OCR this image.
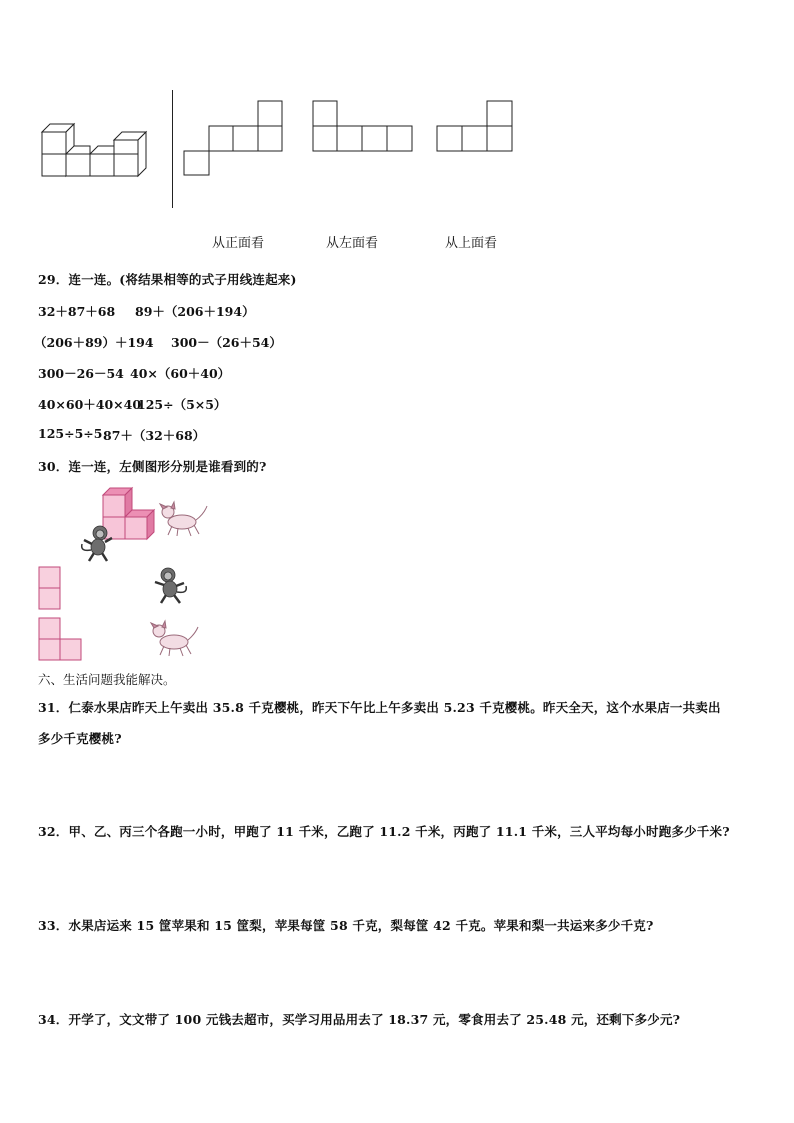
从正面看	从左面看	从上面看
29．连一连。(将结果相等的式子用线连起来)
32＋87＋68 89＋（206＋194）
（206＋89）＋194 300－（26＋54）
300－26－54 40×（60＋40）
40×60＋40×40
125÷（5×5）
125÷5÷5 87＋（32＋68）
30．连一连，左侧图形分别是谁看到的?
六、生活问题我能解决。
31．仁泰水果店昨天上午卖出 35.8 千克樱桃，昨天下午比上午多卖出 5.23 千克樱桃。昨天全天，这个水果店一共卖出
多少千克樱桃?
32．甲、乙、丙三个各跑一小时，甲跑了 11 千米，乙跑了 11.2 千米，丙跑了 11.1 千米，三人平均每小时跑多少千米?
33．水果店运来 15 筐苹果和 15 筐梨，苹果每筐 58 千克，梨每筐 42 千克。苹果和梨一共运来多少千克?
34．开学了，文文带了 100 元钱去超市，买学习用品用去了 18.37 元，零食用去了 25.48 元，还剩下多少元?
